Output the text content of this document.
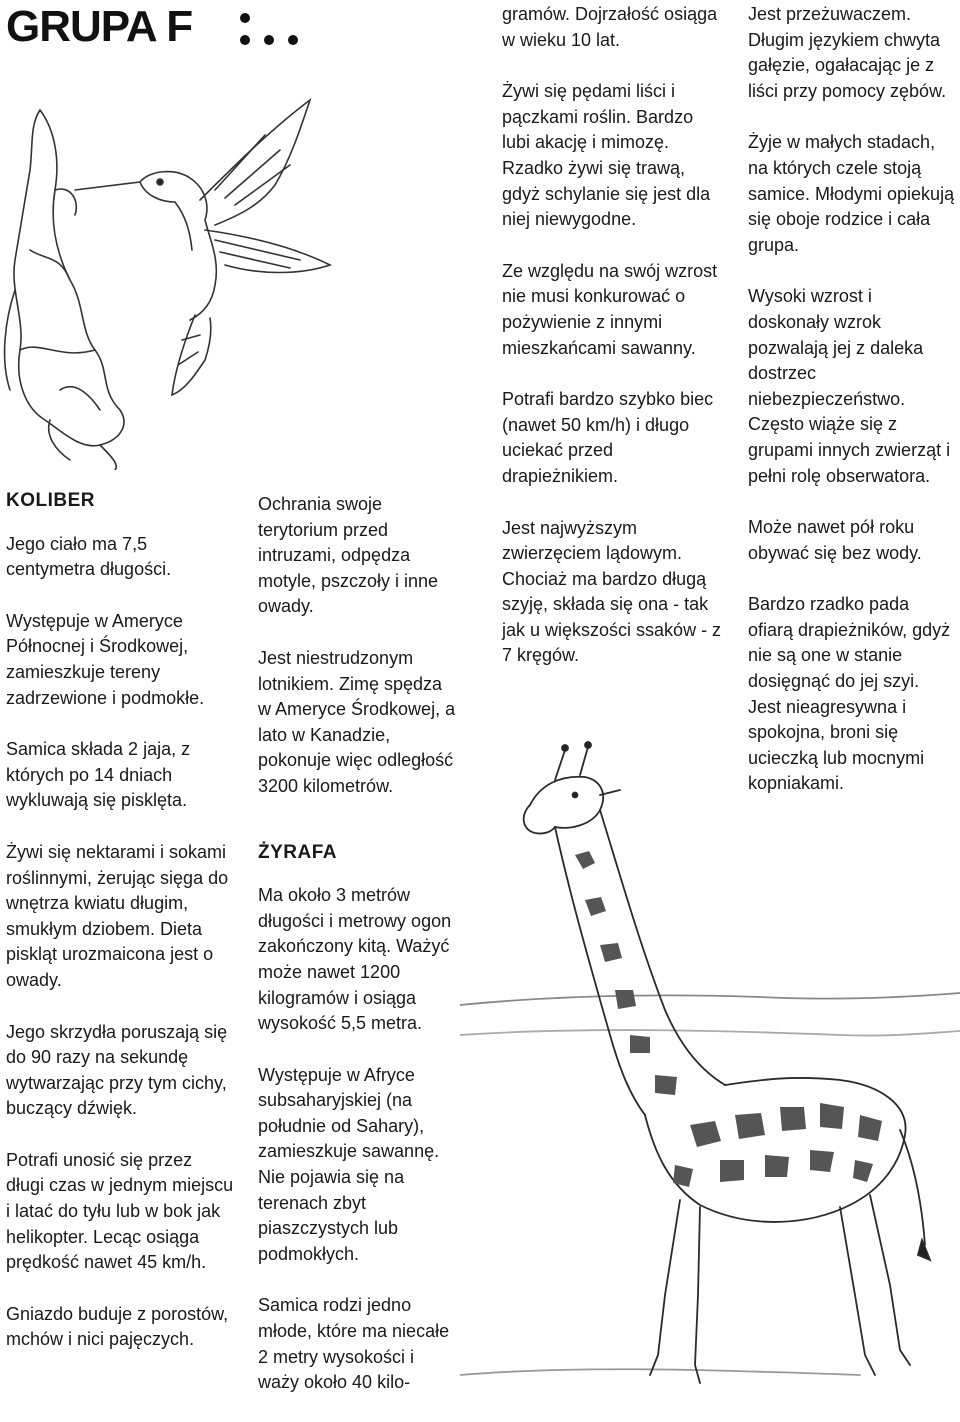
GRUPA F
KOLIBER

Jego ciało ma 7,5 centymetra długości.

Występuje w Ameryce Północnej i Środkowej, zamieszkuje tereny zadrzewione i podmokłe.

Samica składa 2 jaja, z których po 14 dniach wykluwają się pisklęta.

Żywi się nektarami i sokami roślinnymi, żerując sięga do wnętrza kwiatu długim, smukłym dziobem. Dieta piskląt urozmaicona jest o owady.

Jego skrzydła poruszają się do 90 razy na sekundę wytwarzając przy tym cichy, buczący dźwięk.

Potrafi unosić się przez długi czas w jednym miejscu i latać do tyłu lub w bok jak helikopter. Lecąc osiąga prędkość nawet 45 km/h.

Gniazdo buduje z porostów, mchów i nici pajęczych.

Ochrania swoje terytorium przed intruzami, odpędza motyle, pszczoły i inne owady.

Jest niestrudzonym lotnikiem. Zimę spędza w Ameryce Środkowej, a lato w Kanadzie, pokonuje więc odległość 3200 kilometrów.

ŻYRAFA

Ma około 3 metrów długości i metrowy ogon zakończony kitą. Ważyć może nawet 1200 kilogramów i osiąga wysokość 5,5 metra.

Występuje w Afryce subsaharyjskiej (na południe od Sahary), zamieszkuje sawannę. Nie pojawia się na terenach zbyt piaszczystych lub podmokłych.

Samica rodzi jedno młode, które ma niecałe 2 metry wysokości i waży około 40 kilo-

gramów. Dojrzałość osiąga w wieku 10 lat.

Żywi się pędami liści i pączkami roślin. Bardzo lubi akację i mimozę. Rzadko żywi się trawą, gdyż schylanie się jest dla niej niewygodne.

Ze względu na swój wzrost nie musi konkurować o pożywienie z innymi mieszkańcami sawanny.

Potrafi bardzo szybko biec (nawet 50 km/h) i długo uciekać przed drapieżnikiem.

Jest najwyższym zwierzęciem lądowym. Chociaż ma bardzo długą szyję, składa się ona - tak jak u większości ssaków - z 7 kręgów.

Jest przeżuwaczem. Długim językiem chwyta gałęzie, ogałacając je z liści przy pomocy zębów.

Żyje w małych stadach, na których czele stoją samice. Młodymi opiekują się oboje rodzice i cała grupa.

Wysoki wzrost i doskonały wzrok pozwalają jej z daleka dostrzec niebezpieczeństwo. Często wiąże się z grupami innych zwierząt i pełni rolę obserwatora.

Może nawet pół roku obywać się bez wody.

Bardzo rzadko pada ofiarą drapieżników, gdyż nie są one w stanie dosięgnąć do jej szyi. Jest nieagresywna i spokojna, broni się ucieczką lub mocnymi kopniakami.
